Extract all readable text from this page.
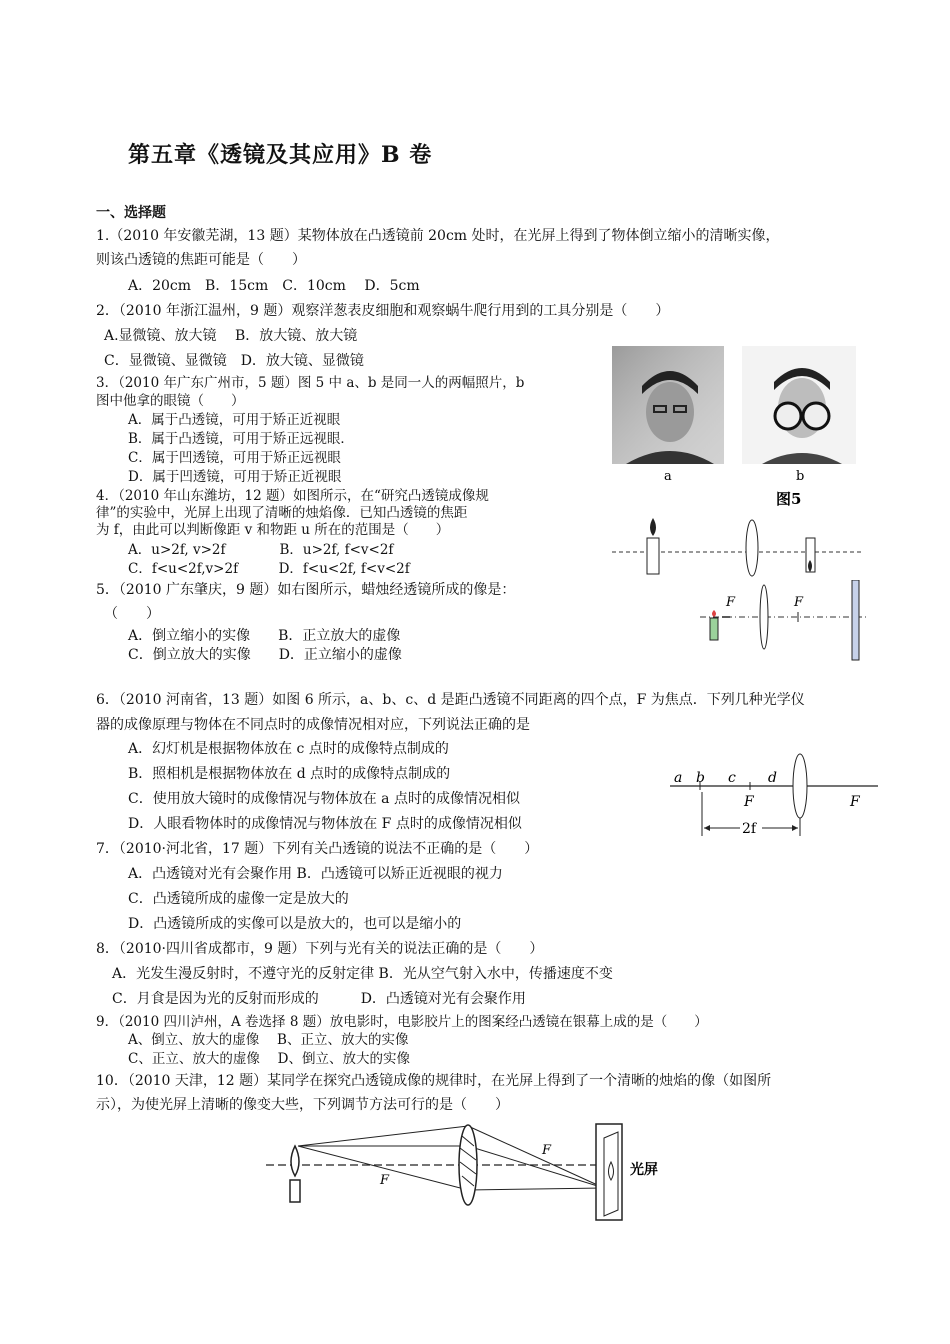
第五章《透镜及其应用》B 卷
一、选择题
1.（2010 年安徽芜湖，13 题）某物体放在凸透镜前 20cm 处时，在光屏上得到了物体倒立缩小的清晰实像，
则该凸透镜的焦距可能是（　　）
A．20cm　B．15cm　C．10cm　 D．5cm
2．（2010 年浙江温州，9 题）观察洋葱表皮细胞和观察蜗牛爬行用到的工具分别是（　　）
A.显微镜、放大镜　 B．放大镜、放大镜
C．显微镜、显微镜　D．放大镜、显微镜
3．（2010 年广东广州市，5 题）图 5 中 a、b 是同一人的两幅照片，b
图中他拿的眼镜（　　）
A．属于凸透镜，可用于矫正近视眼
B．属于凸透镜，可用于矫正远视眼．
C．属于凹透镜，可用于矫正远视眼
D．属于凹透镜，可用于矫正近视眼	a	b
图5
4．（2010 年山东潍坊，12 题）如图所示，在“研究凸透镜成像规
律”的实验中，光屏上出现了清晰的烛焰像．已知凸透镜的焦距
为 f，由此可以判断像距 v 和物距 u 所在的范围是（　　）
A．u>2f, v>2f　　　　B．u>2f, f<v<2f
C．f<u<2f,v>2f　　　D．f<u<2f, f<v<2f
5．（2010 广东肇庆，9 题）如右图所示，蜡烛经透镜所成的像是：
（　　）
A．倒立缩小的实像　　B．正立放大的虚像
C．倒立放大的实像　　D．正立缩小的虚像
F	F
6．（2010 河南省，13 题）如图 6 所示，a、b、c、d 是距凸透镜不同距离的四个点，F 为焦点．下列几种光学仪
器的成像原理与物体在不同点时的成像情况相对应，下列说法正确的是
A．幻灯机是根据物体放在 c 点时的成像特点制成的
B．照相机是根据物体放在 d 点时的成像特点制成的
C．使用放大镜时的成像情况与物体放在 a 点时的成像情况相似
D．人眼看物体时的成像情况与物体放在 F 点时的成像情况相似
a b c d
F	F
2f
7．（2010·河北省，17 题）下列有关凸透镜的说法不正确的是（　　）
A．凸透镜对光有会聚作用 B．凸透镜可以矫正近视眼的视力
C．凸透镜所成的虚像一定是放大的
D．凸透镜所成的实像可以是放大的，也可以是缩小的
8．（2010·四川省成都市，9 题）下列与光有关的说法正确的是（　　）
A．光发生漫反射时，不遵守光的反射定律 B．光从空气射入水中，传播速度不变
C．月食是因为光的反射而形成的　　　D．凸透镜对光有会聚作用
9．（2010 四川泸州，A 卷选择 8 题）放电影时，电影胶片上的图案经凸透镜在银幕上成的是（　　）
A、倒立、放大的虚像　 B、正立、放大的实像
C、正立、放大的虚像　 D、倒立、放大的实像
10．（2010 天津，12 题）某同学在探究凸透镜成像的规律时，在光屏上得到了一个清晰的烛焰的像（如图所
示），为使光屏上清晰的像变大些，下列调节方法可行的是（　　）
F
F
光屏
